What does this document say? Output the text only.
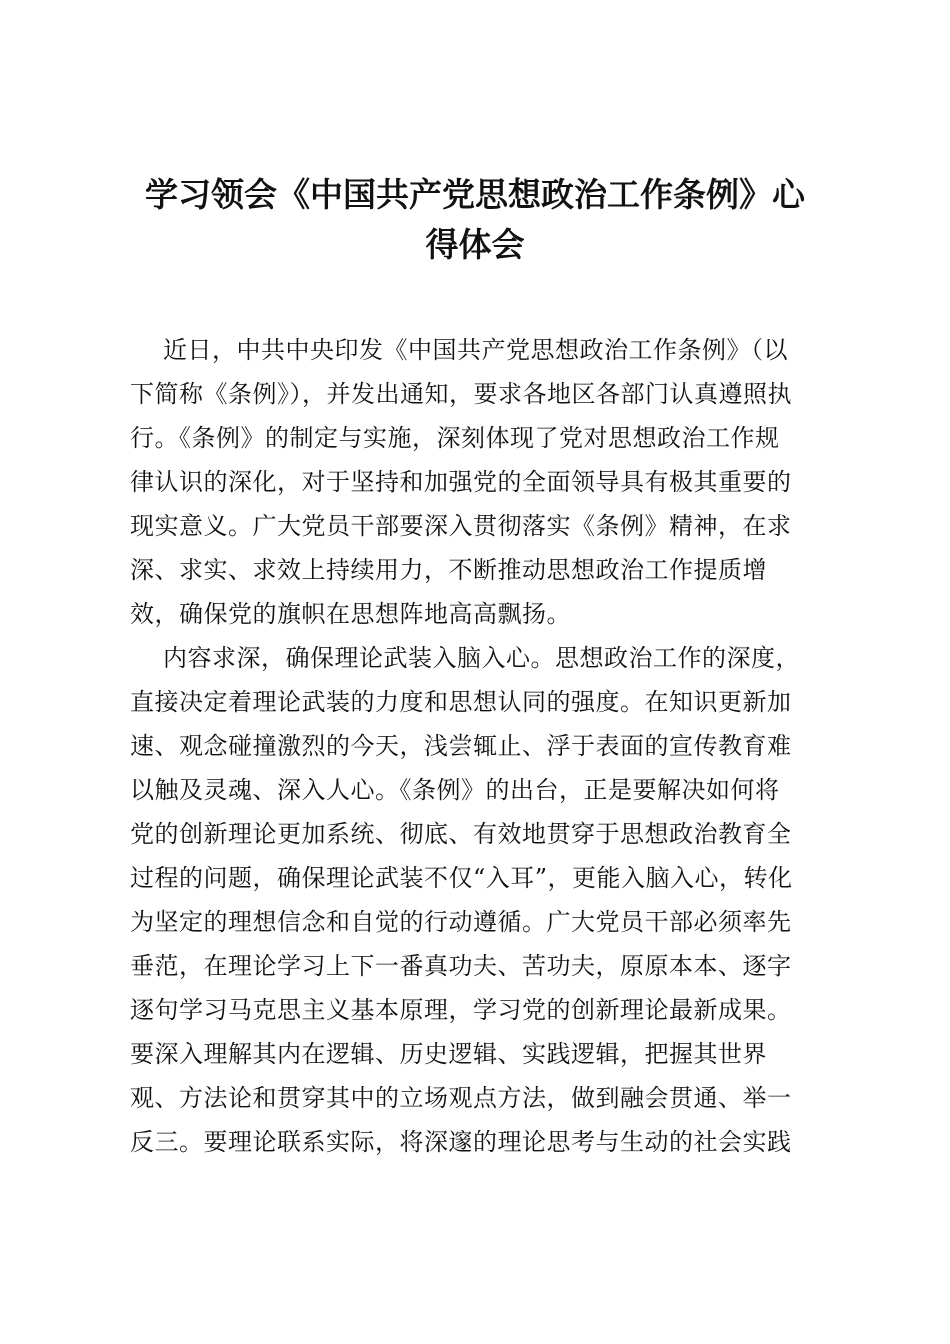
学习领会《中国共产党思想政治工作条例》心
得体会
近日，中共中央印发《中国共产党思想政治工作条例》（以
下简称《条例》），并发出通知，要求各地区各部门认真遵照执
行。《条例》的制定与实施，深刻体现了党对思想政治工作规
律认识的深化，对于坚持和加强党的全面领导具有极其重要的
现实意义。广大党员干部要深入贯彻落实《条例》精神，在求
深、求实、求效上持续用力，不断推动思想政治工作提质增
效，确保党的旗帜在思想阵地高高飘扬。
内容求深，确保理论武装入脑入心。思想政治工作的深度，
直接决定着理论武装的力度和思想认同的强度。在知识更新加
速、观念碰撞激烈的今天，浅尝辄止、浮于表面的宣传教育难
以触及灵魂、深入人心。《条例》的出台，正是要解决如何将
党的创新理论更加系统、彻底、有效地贯穿于思想政治教育全
过程的问题，确保理论武装不仅“入耳”，更能入脑入心，转化
为坚定的理想信念和自觉的行动遵循。广大党员干部必须率先
垂范，在理论学习上下一番真功夫、苦功夫，原原本本、逐字
逐句学习马克思主义基本原理，学习党的创新理论最新成果。
要深入理解其内在逻辑、历史逻辑、实践逻辑，把握其世界
观、方法论和贯穿其中的立场观点方法，做到融会贯通、举一
反三。要理论联系实际，将深邃的理论思考与生动的社会实践
